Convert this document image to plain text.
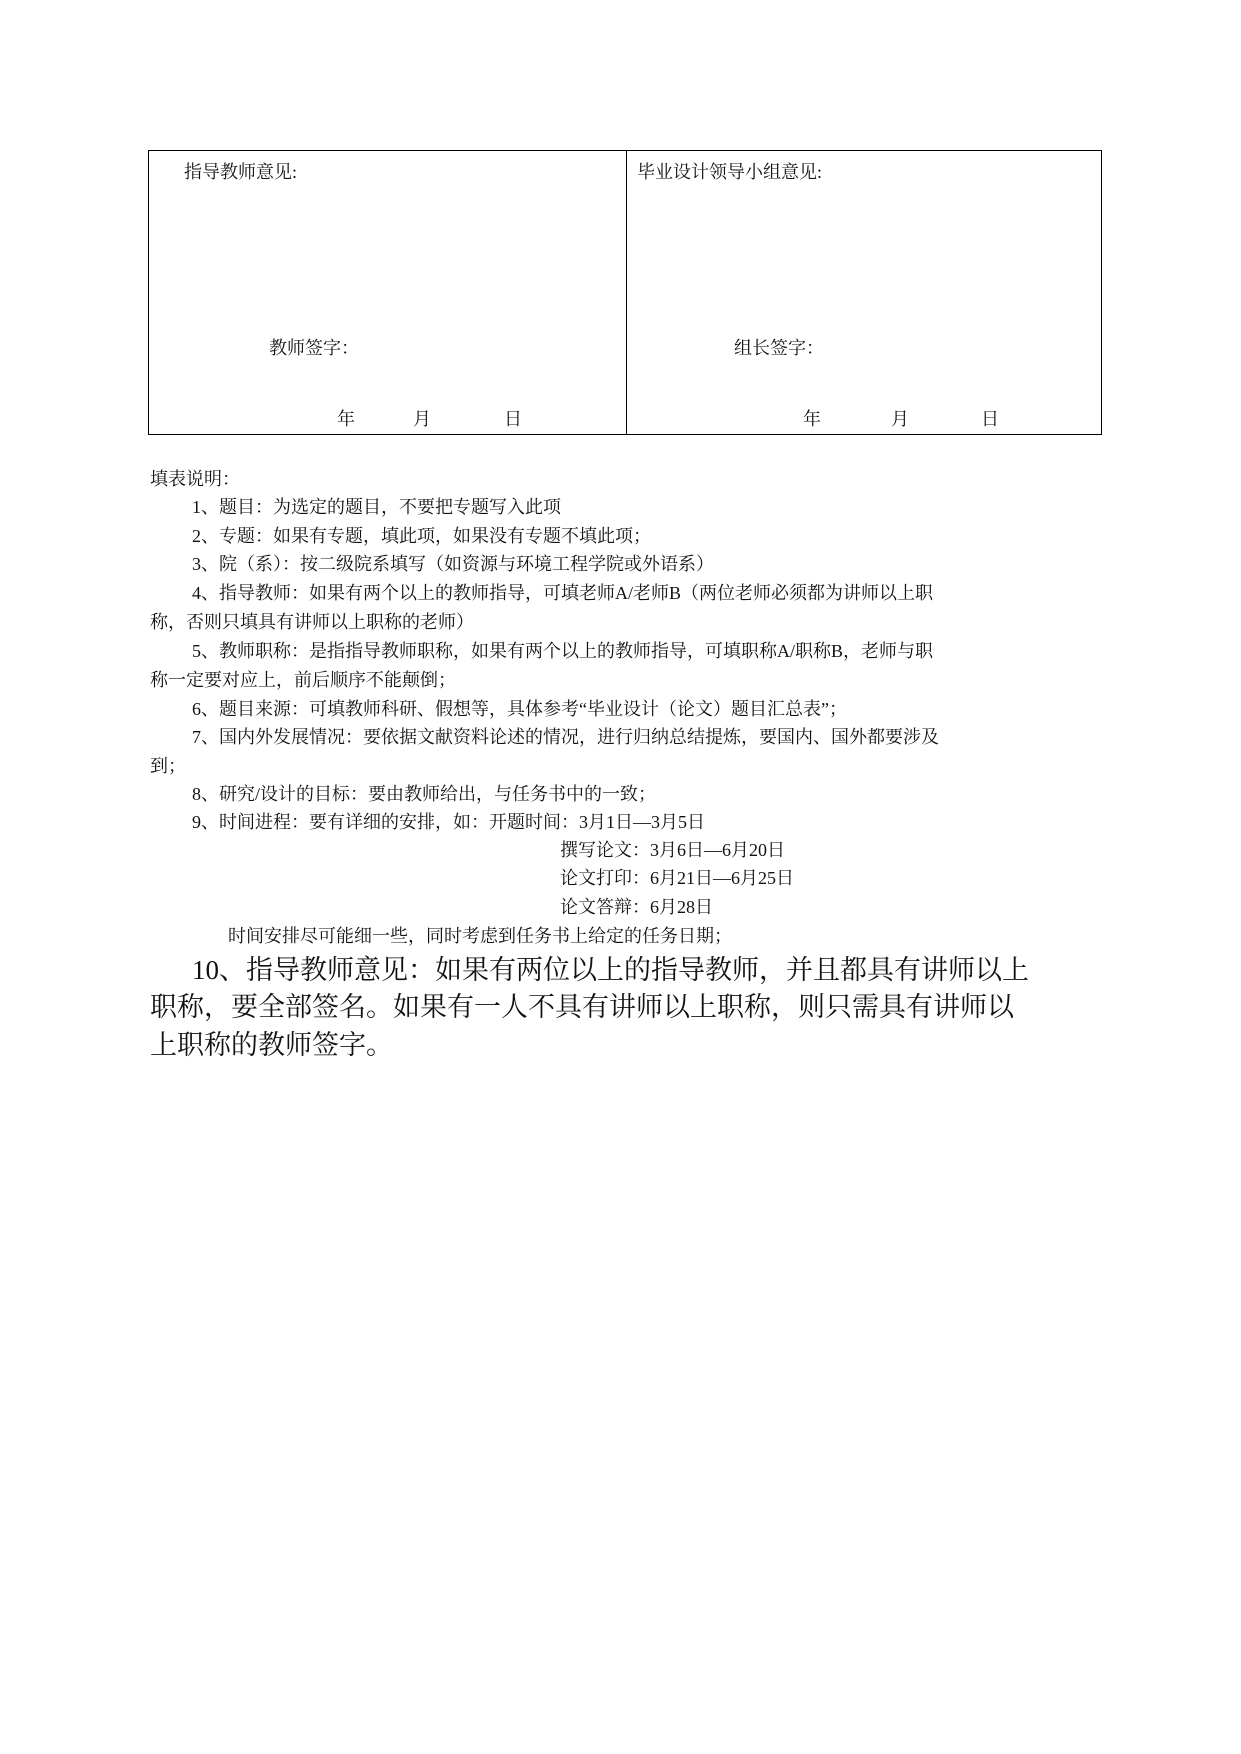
指导教师意见:
教师签字：
年	月	日
毕业设计领导小组意见:
组长签字：
年	月	日
填表说明：
1、题目：为选定的题目，不要把专题写入此项
2、专题：如果有专题，填此项，如果没有专题不填此项；
3、院（系）：按二级院系填写（如资源与环境工程学院或外语系）
4、指导教师：如果有两个以上的教师指导，可填老师A/老师B（两位老师必须都为讲师以上职
称，否则只填具有讲师以上职称的老师）
5、教师职称：是指指导教师职称，如果有两个以上的教师指导，可填职称A/职称B，老师与职
称一定要对应上，前后顺序不能颠倒；
6、题目来源：可填教师科研、假想等，具体参考“毕业设计（论文）题目汇总表”；
7、国内外发展情况：要依据文献资料论述的情况，进行归纳总结提炼，要国内、国外都要涉及
到；
8、研究/设计的目标：要由教师给出，与任务书中的一致；
9、时间进程：要有详细的安排，如：开题时间：3月1日—3月5日
撰写论文：3月6日—6月20日
论文打印：6月21日—6月25日
论文答辩：6月28日
时间安排尽可能细一些，同时考虑到任务书上给定的任务日期；
10、指导教师意见：如果有两位以上的指导教师，并且都具有讲师以上
职称，要全部签名。如果有一人不具有讲师以上职称，则只需具有讲师以
上职称的教师签字。
